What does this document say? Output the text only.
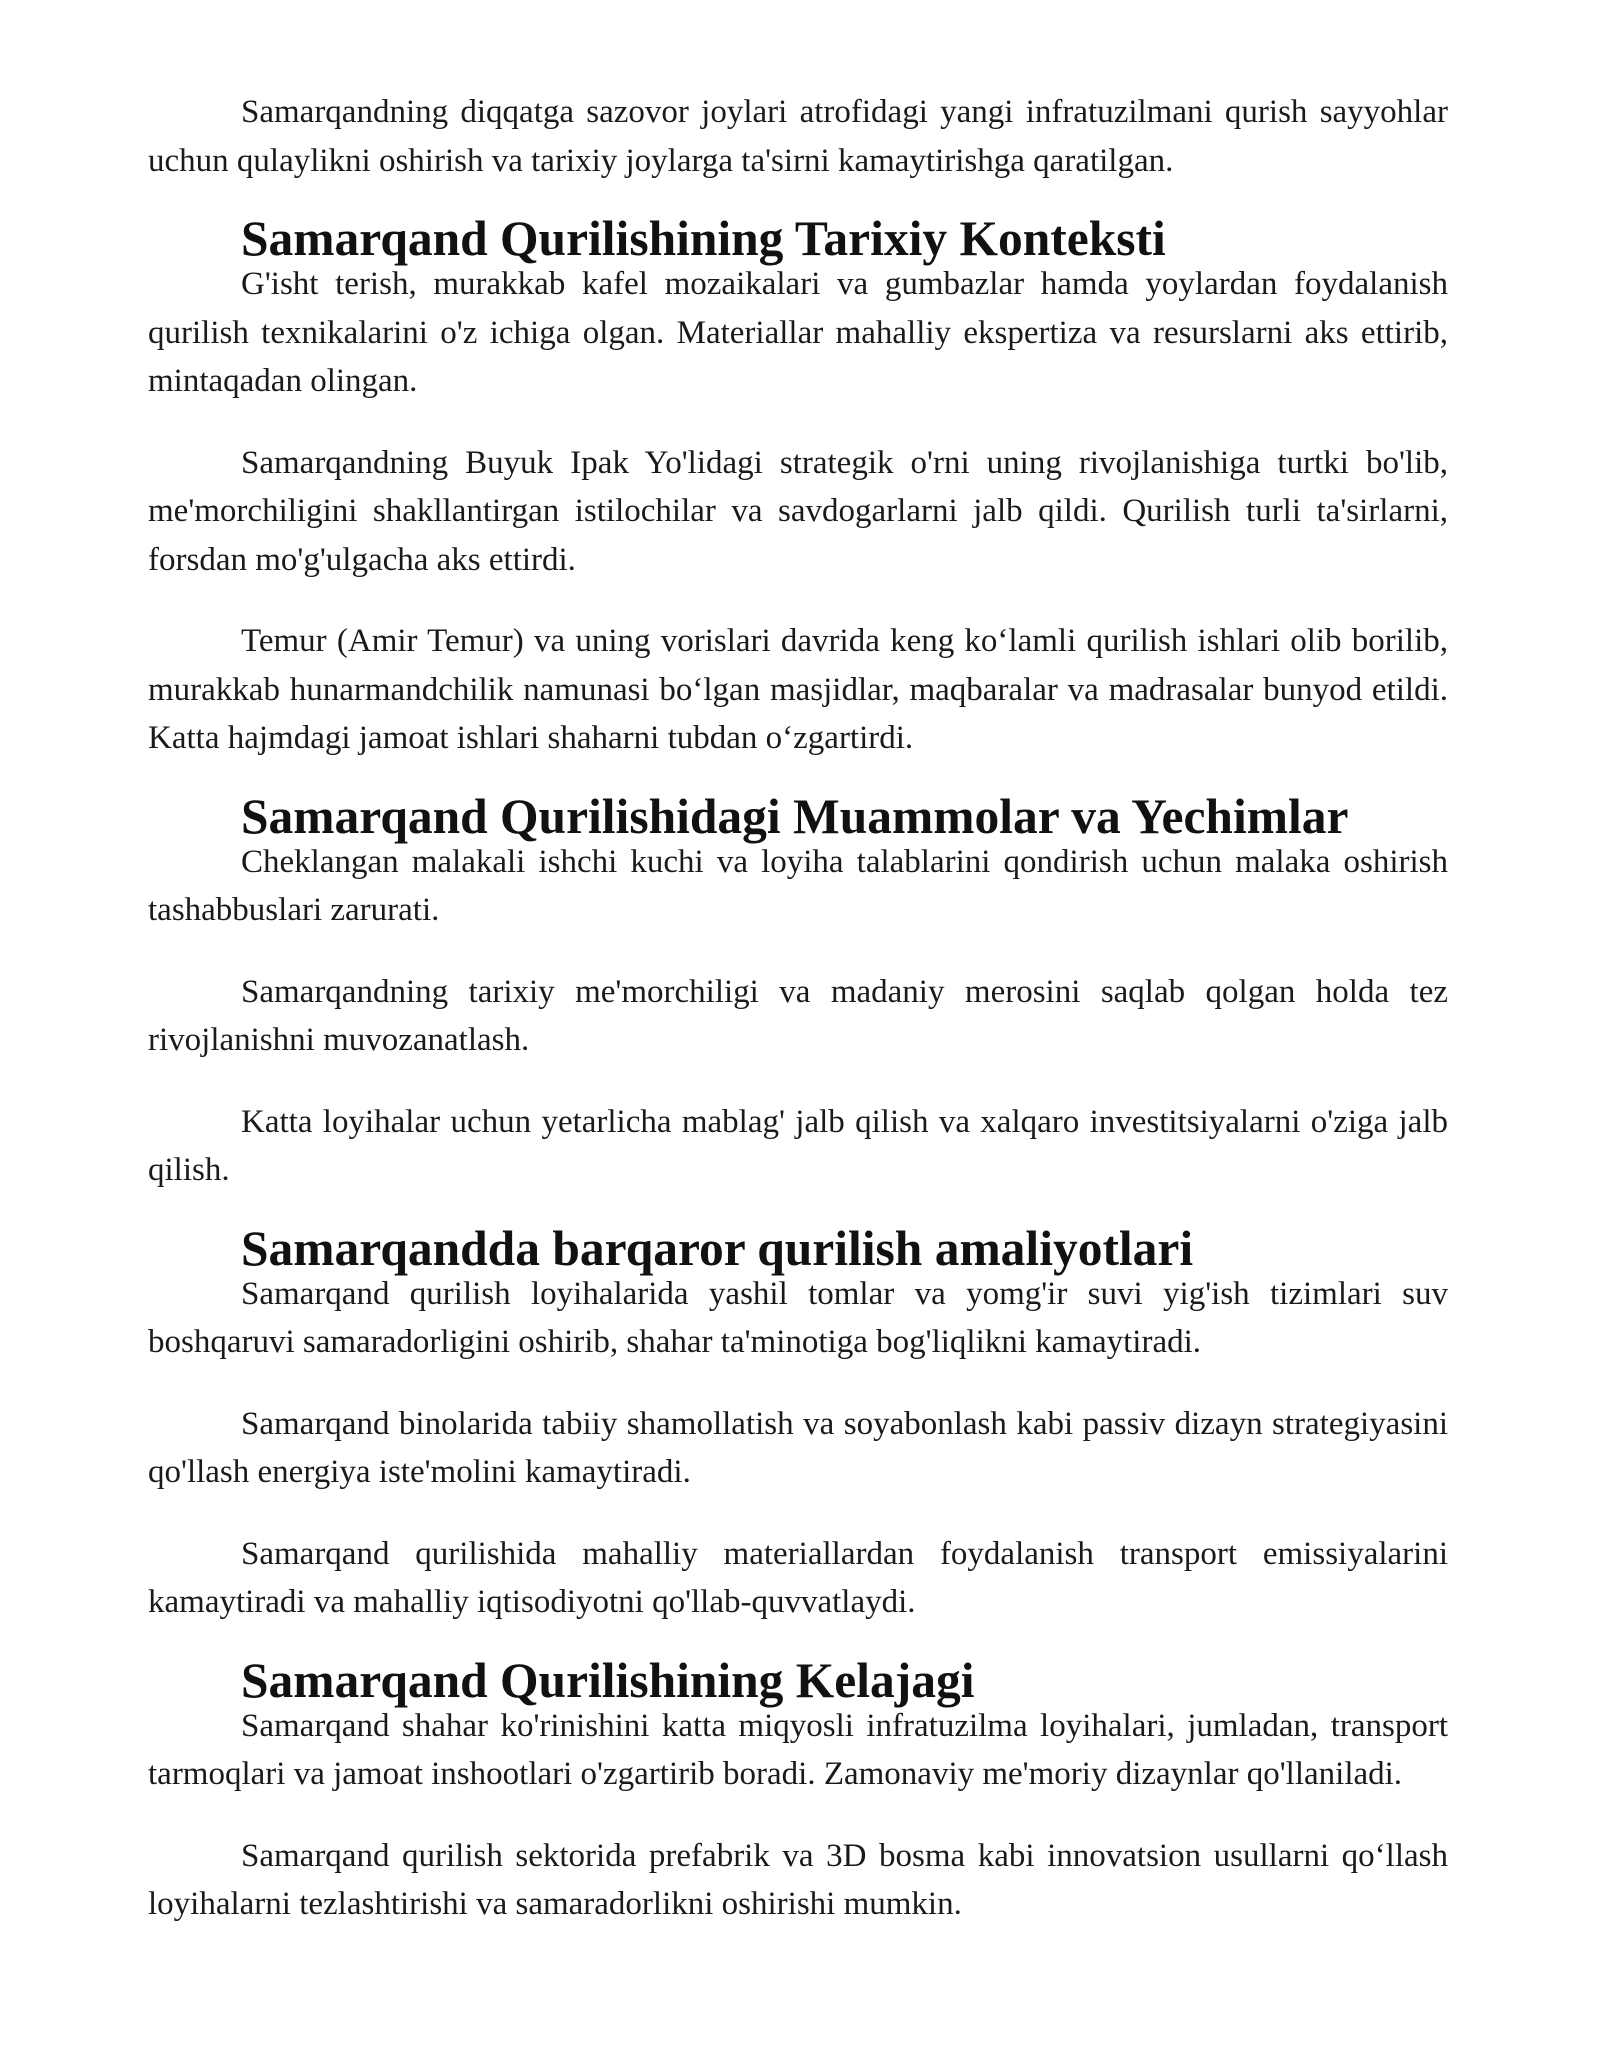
Samarqandning diqqatga sazovor joylari atrofidagi yangi infratuzilmani qurish sayyohlar uchun qulaylikni oshirish va tarixiy joylarga ta'sirni kamaytirishga qaratilgan.

Samarqand Qurilishining Tarixiy Konteksti

G'isht terish, murakkab kafel mozaikalari va gumbazlar hamda yoylardan foydalanish qurilish texnikalarini o'z ichiga olgan. Materiallar mahalliy ekspertiza va resurslarni aks ettirib, mintaqadan olingan.

Samarqandning Buyuk Ipak Yo'lidagi strategik o'rni uning rivojlanishiga turtki bo'lib, me'morchiligini shakllantirgan istilochilar va savdogarlarni jalb qildi. Qurilish turli ta'sirlarni, forsdan mo'g'ulgacha aks ettirdi.

Temur (Amir Temur) va uning vorislari davrida keng koʻlamli qurilish ishlari olib borilib, murakkab hunarmandchilik namunasi boʻlgan masjidlar, maqbaralar va madrasalar bunyod etildi. Katta hajmdagi jamoat ishlari shaharni tubdan oʻzgartirdi.

Samarqand Qurilishidagi Muammolar va Yechimlar

Cheklangan malakali ishchi kuchi va loyiha talablarini qondirish uchun malaka oshirish tashabbuslari zarurati.

Samarqandning tarixiy me'morchiligi va madaniy merosini saqlab qolgan holda tez rivojlanishni muvozanatlash.

Katta loyihalar uchun yetarlicha mablag' jalb qilish va xalqaro investitsiyalarni o'ziga jalb qilish.

Samarqandda barqaror qurilish amaliyotlari

Samarqand qurilish loyihalarida yashil tomlar va yomg'ir suvi yig'ish tizimlari suv boshqaruvi samaradorligini oshirib, shahar ta'minotiga bog'liqlikni kamaytiradi.

Samarqand binolarida tabiiy shamollatish va soyabonlash kabi passiv dizayn strategiyasini qo'llash energiya iste'molini kamaytiradi.

Samarqand qurilishida mahalliy materiallardan foydalanish transport emissiyalarini kamaytiradi va mahalliy iqtisodiyotni qo'llab-quvvatlaydi.

Samarqand Qurilishining Kelajagi

Samarqand shahar ko'rinishini katta miqyosli infratuzilma loyihalari, jumladan, transport tarmoqlari va jamoat inshootlari o'zgartirib boradi. Zamonaviy me'moriy dizaynlar qo'llaniladi.

Samarqand qurilish sektorida prefabrik va 3D bosma kabi innovatsion usullarni qoʻllash loyihalarni tezlashtirishi va samaradorlikni oshirishi mumkin.
